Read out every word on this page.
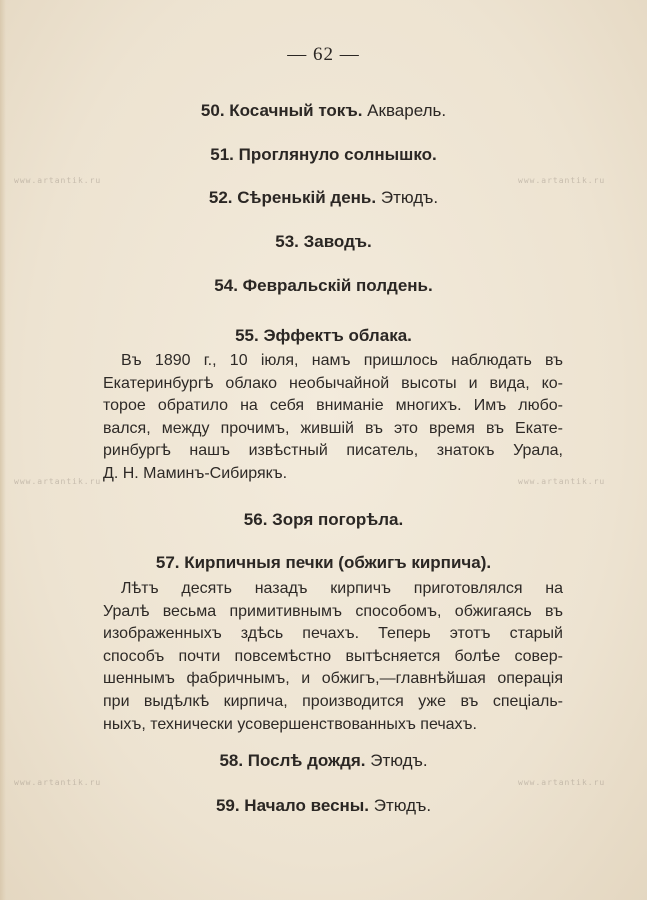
— 62 —
50. Косачный токъ. Акварель.
51. Проглянуло солнышко.
52. Сѣренькій день. Этюдъ.
53. Заводъ.
54. Февральскій полдень.
55. Эффектъ облака.
Въ 1890 г., 10 іюля, намъ пришлось наблюдать въ
Екатеринбургѣ облако необычайной высоты и вида, ко-
торое обратило на себя вниманіе многихъ. Имъ любо-
вался, между прочимъ, жившій въ это время въ Екате-
ринбургѣ нашъ извѣстный писатель, знатокъ Урала,
Д. Н. Маминъ-Сибирякъ.
56. Зоря погорѣла.
57. Кирпичныя печки (обжигъ кирпича).
Лѣтъ десять назадъ кирпичъ приготовлялся на
Уралѣ весьма примитивнымъ способомъ, обжигаясь въ
изображенныхъ здѣсь печахъ. Теперь этотъ старый
способъ почти повсемѣстно вытѣсняется болѣе совер-
шеннымъ фабричнымъ, и обжигъ,—главнѣйшая операція
при выдѣлкѣ кирпича, производится уже въ спеціаль-
ныхъ, технически усовершенствованныхъ печахъ.
58. Послѣ дождя. Этюдъ.
59. Начало весны. Этюдъ.
www.artantik.ru	www.artantik.ru
www.artantik.ru	www.artantik.ru
www.artantik.ru	www.artantik.ru
